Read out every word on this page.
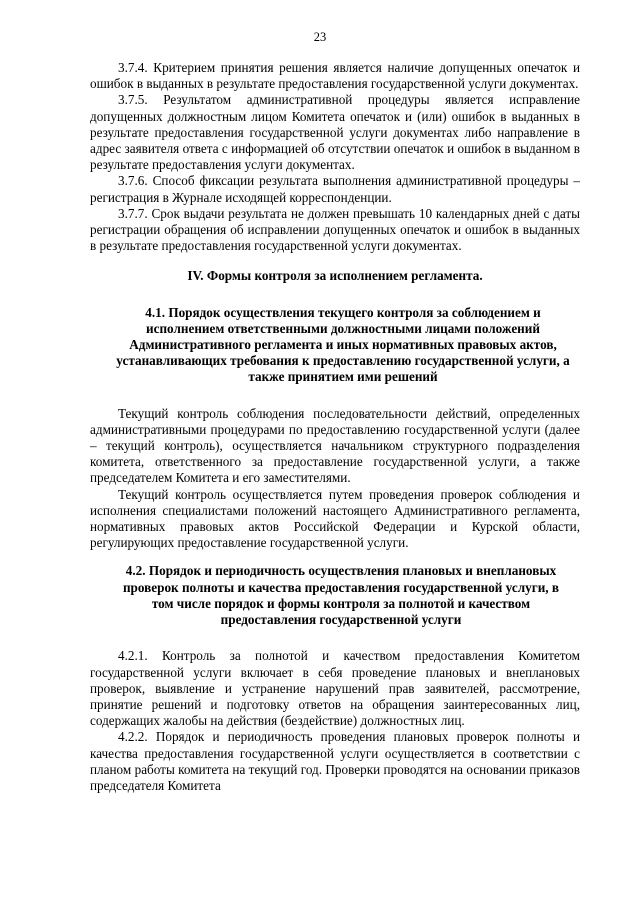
23

3.7.4. Критерием принятия решения является наличие допущенных опечаток и ошибок в выданных в результате предоставления государственной услуги документах.

3.7.5. Результатом административной процедуры является исправление допущенных должностным лицом Комитета опечаток и (или) ошибок в выданных в результате предоставления государственной услуги документах либо направление в адрес заявителя ответа с информацией об отсутствии опечаток и ошибок в выданном в результате предоставления услуги документах.

3.7.6. Способ фиксации результата выполнения административной процедуры – регистрация в Журнале исходящей корреспонденции.

3.7.7. Срок выдачи результата не должен превышать 10 календарных дней с даты регистрации обращения об исправлении допущенных опечаток и ошибок в выданных в результате предоставления государственной услуги документах.

IV. Формы контроля за исполнением регламента.
4.1. Порядок осуществления текущего контроля за соблюдением и исполнением ответственными должностными лицами положений Административного регламента и иных нормативных правовых актов, устанавливающих требования к предоставлению государственной услуги, а также принятием ими решений

Текущий контроль соблюдения последовательности действий, определенных административными процедурами по предоставлению государственной услуги (далее – текущий контроль), осуществляется начальником структурного подразделения комитета, ответственного за предоставление государственной услуги, а также председателем Комитета и его заместителями.

Текущий контроль осуществляется путем проведения проверок соблюдения и исполнения специалистами положений настоящего Административного регламента, нормативных правовых актов Российской Федерации и Курской области, регулирующих предоставление государственной услуги.

4.2. Порядок и периодичность осуществления плановых и внеплановых проверок полноты и качества предоставления государственной услуги, в том числе порядок и формы контроля за полнотой и качеством предоставления государственной услуги

4.2.1. Контроль за полнотой и качеством предоставления Комитетом государственной услуги включает в себя проведение плановых и внеплановых проверок, выявление и устранение нарушений прав заявителей, рассмотрение, принятие решений и подготовку ответов на обращения заинтересованных лиц, содержащих жалобы на действия (бездействие) должностных лиц.

4.2.2. Порядок и периодичность проведения плановых проверок полноты и качества предоставления государственной услуги осуществляется в соответствии с планом работы комитета на текущий год. Проверки проводятся на основании приказов председателя Комитета
